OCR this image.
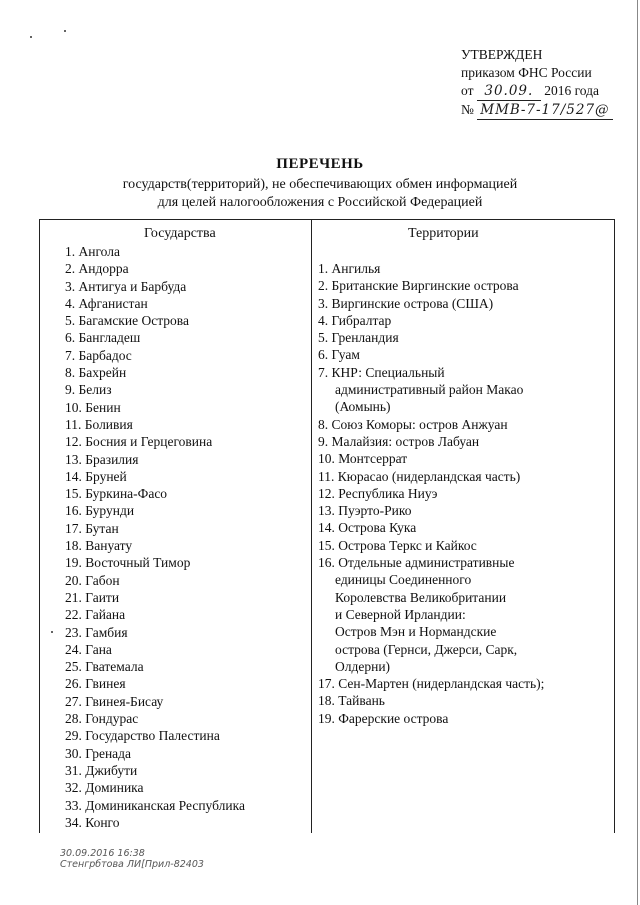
УТВЕРЖДЕН
приказом ФНС России
от 30.09. 2016 года
№ ММВ-7-17/527@
ПЕРЕЧЕНЬ
государств(территорий), не обеспечивающих обмен информацией
для целей налогообложения с Российской Федерацией
Государства	Территории
1. Ангола
2. Андорра
3. Антигуа и Барбуда
4. Афганистан
5. Багамские Острова
6. Бангладеш
7. Барбадос
8. Бахрейн
9. Белиз
10. Бенин
11. Боливия
12. Босния и Герцеговина
13. Бразилия
14. Бруней
15. Буркина-Фасо
16. Бурунди
17. Бутан
18. Вануату
19. Восточный Тимор
20. Габон
21. Гаити
22. Гайана
23. Гамбия
24. Гана
25. Гватемала
26. Гвинея
27. Гвинея-Бисау
28. Гондурас
29. Государство Палестина
30. Гренада
31. Джибути
32. Доминика
33. Доминиканская Республика
34. Конго
1. Ангилья
2. Британские Виргинские острова
3. Виргинские острова (США)
4. Гибралтар
5. Гренландия
6. Гуам
7. КНР: Специальный
административный район Макао
(Аомынь)
8. Союз Коморы: остров Анжуан
9. Малайзия: остров Лабуан
10. Монтсеррат
11. Кюрасао (нидерландская часть)
12. Республика Ниуэ
13. Пуэрто-Рико
14. Острова Кука
15. Острова Теркс и Кайкос
16. Отдельные административные
единицы Соединенного
Королевства Великобритании
и Северной Ирландии:
Остров Мэн и Нормандские
острова (Гернси, Джерси, Сарк,
Олдерни)
17. Сен-Мартен (нидерландская часть);
18. Тайвань
19. Фарерские острова
30.09.2016 16:38
Стенгрбтова ЛИ[Прил-82403
